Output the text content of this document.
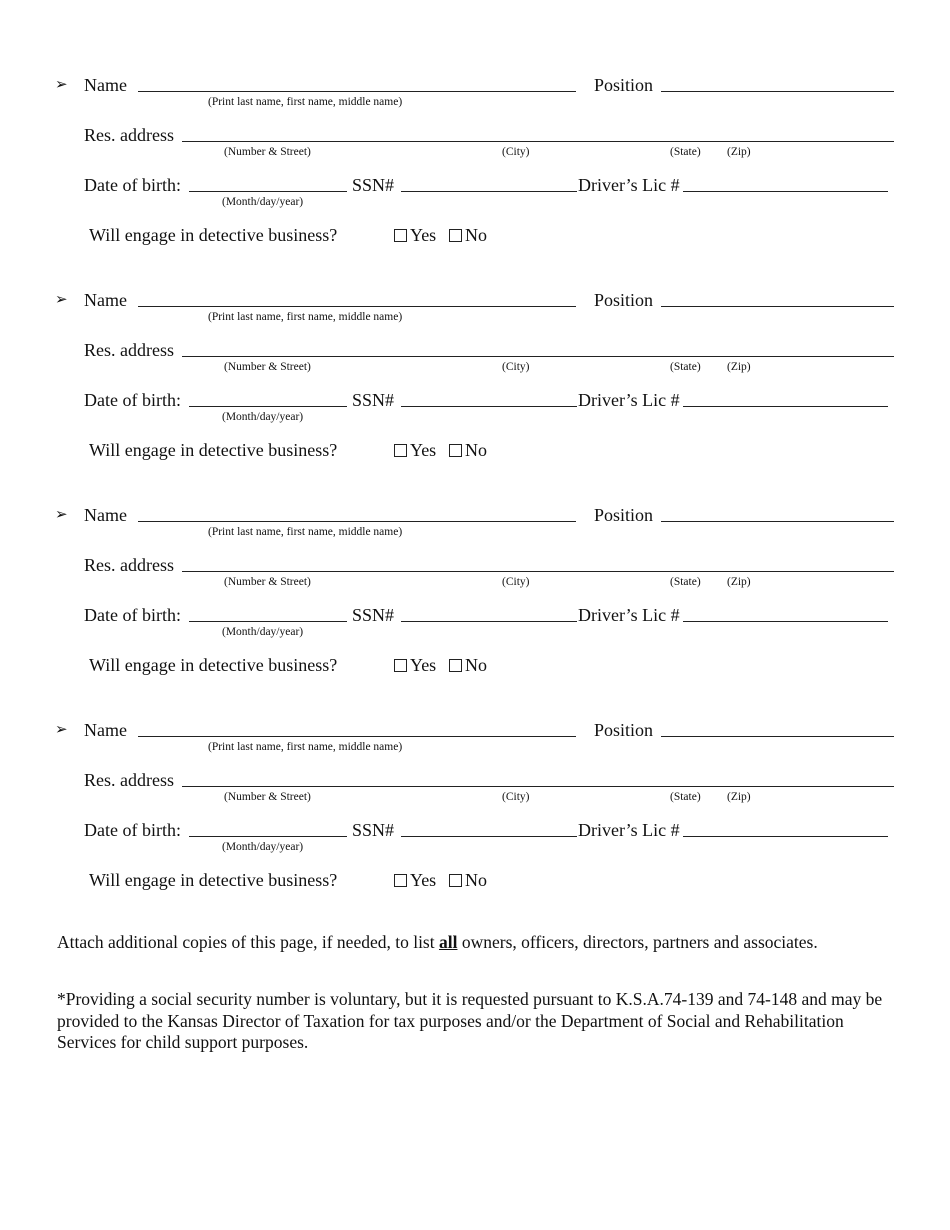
➢ Name
(Print last name, first name, middle name)
Position
Res. address
(Number & Street)	(City)	(State) (Zip)
Date of birth:
(Month/day/year)
SSN#	Driver’s Lic #
Will engage in detective business?	Yes	No
➢ Name
(Print last name, first name, middle name)
Position
Res. address
(Number & Street)	(City)	(State) (Zip)
Date of birth:
(Month/day/year)
SSN#	Driver’s Lic #
Will engage in detective business?	Yes	No
➢ Name
(Print last name, first name, middle name)
Position
Res. address
(Number & Street)	(City)	(State) (Zip)
Date of birth:
(Month/day/year)
SSN#	Driver’s Lic #
Will engage in detective business?	Yes	No
➢ Name
(Print last name, first name, middle name)
Position
Res. address
(Number & Street)	(City)	(State) (Zip)
Date of birth:
(Month/day/year)
SSN#	Driver’s Lic #
Will engage in detective business?	Yes	No
Attach additional copies of this page, if needed, to list all owners, officers, directors, partners and associates.
*Providing a social security number is voluntary, but it is requested pursuant to K.S.A.74-139 and 74-148 and may be provided to the Kansas Director of Taxation for tax purposes and/or the Department of Social and Rehabilitation Services for child support purposes.
